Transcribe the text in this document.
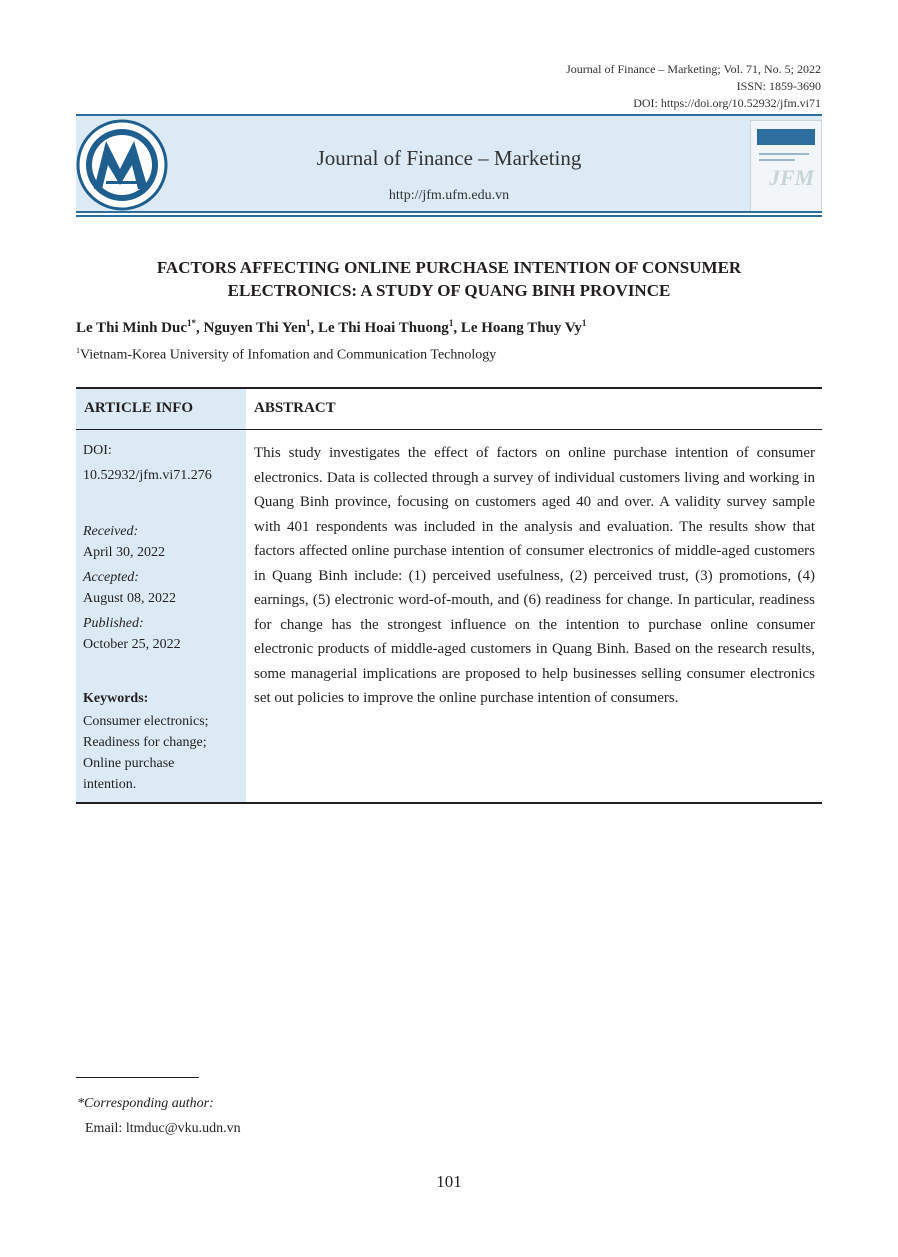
Journal of Finance – Marketing; Vol. 71, No. 5; 2022
ISSN: 1859-3690
DOI: https://doi.org/10.52932/jfm.vi71
Journal of Finance – Marketing
http://jfm.ufm.edu.vn
JFM
FACTORS AFFECTING ONLINE PURCHASE INTENTION OF CONSUMER
ELECTRONICS: A STUDY OF QUANG BINH PROVINCE
Le Thi Minh Duc$^{1*}$, Nguyen Thi Yen$^1$, Le Thi Hoai Thuong$^1$, Le Hoang Thuy Vy$^1$
$^1$Vietnam-Korea University of Infomation and Communication Technology
ARTICLE INFO	ABSTRACT
DOI:
10.52932/jfm.vi71.276
Received:
April 30, 2022
Accepted:
August 08, 2022
Published:
October 25, 2022
Keywords:
Consumer electronics;
Readiness for change;
Online purchase
intention.
This study investigates the effect of factors on online purchase intention of consumer electronics. Data is collected through a survey of individual customers living and working in Quang Binh province, focusing on customers aged 40 and over. A validity survey sample with 401 respondents was included in the analysis and evaluation. The results show that factors affected online purchase intention of consumer electronics of middle-aged customers in Quang Binh include: (1) perceived usefulness, (2) perceived trust, (3) promotions, (4) earnings, (5) electronic word-of-mouth, and (6) readiness for change. In particular, readiness for change has the strongest influence on the intention to purchase online consumer electronic products of middle-aged customers in Quang Binh. Based on the research results, some managerial implications are proposed to help businesses selling consumer electronics set out policies to improve the online purchase intention of consumers.
*Corresponding author:
Email: ltmduc@vku.udn.vn
101
